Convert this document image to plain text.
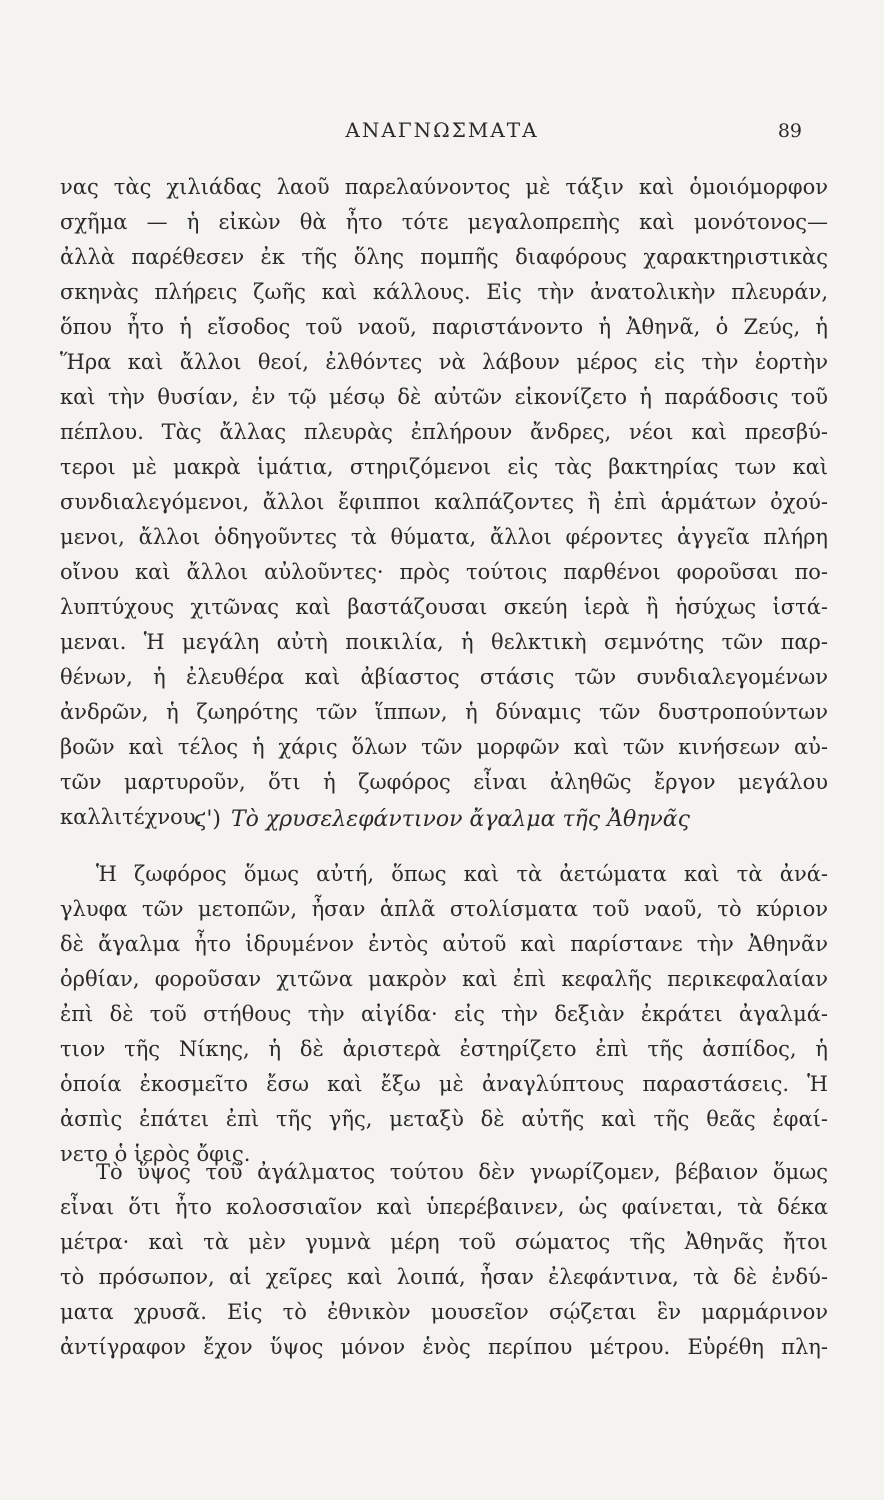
ΑΝΑΓΝΩΣΜΑΤΑ	89
νας τὰς χιλιάδας λαοῦ παρελαύνοντος μὲ τάξιν καὶ ὁμοιόμορφον
σχῆμα — ἡ εἰκὼν θὰ ἦτο τότε μεγαλοπρεπὴς καὶ μονότονος—
ἀλλὰ παρέθεσεν ἐκ τῆς ὅλης πομπῆς διαφόρους χαρακτηριστικὰς
σκηνὰς πλήρεις ζωῆς καὶ κάλλους. Εἰς τὴν ἀνατολικὴν πλευράν,
ὅπου ἦτο ἡ εἴσοδος τοῦ ναοῦ, παριστάνοντο ἡ Ἀθηνᾶ, ὁ Ζεύς, ἡ
Ἥρα καὶ ἄλλοι θεοί, ἐλθόντες νὰ λάβουν μέρος εἰς τὴν ἑορτὴν
καὶ τὴν θυσίαν, ἐν τῷ μέσῳ δὲ αὐτῶν εἰκονίζετο ἡ παράδοσις τοῦ
πέπλου. Τὰς ἄλλας πλευρὰς ἐπλήρουν ἄνδρες, νέοι καὶ πρεσβύ-
τεροι μὲ μακρὰ ἱμάτια, στηριζόμενοι εἰς τὰς βακτηρίας των καὶ
συνδιαλεγόμενοι, ἄλλοι ἔφιπποι καλπάζοντες ἢ ἐπὶ ἁρμάτων ὀχού-
μενοι, ἄλλοι ὁδηγοῦντες τὰ θύματα, ἄλλοι φέροντες ἀγγεῖα πλήρη
οἴνου καὶ ἄλλοι αὐλοῦντες· πρὸς τούτοις παρθένοι φοροῦσαι πο-
λυπτύχους χιτῶνας καὶ βαστάζουσαι σκεύη ἱερὰ ἢ ἡσύχως ἱστά-
μεναι. Ἡ μεγάλη αὐτὴ ποικιλία, ἡ θελκτικὴ σεμνότης τῶν παρ-
θένων, ἡ ἐλευθέρα καὶ ἀβίαστος στάσις τῶν συνδιαλεγομένων
ἀνδρῶν, ἡ ζωηρότης τῶν ἵππων, ἡ δύναμις τῶν δυστροπούντων
βοῶν καὶ τέλος ἡ χάρις ὅλων τῶν μορφῶν καὶ τῶν κινήσεων αὐ-
τῶν μαρτυροῦν, ὅτι ἡ ζωφόρος εἶναι ἀληθῶς ἔργον μεγάλου
καλλιτέχνου.
ϛ') Τὸ χρυσελεφάντινον ἄγαλμα τῆς Ἀθηνᾶς
Ἡ ζωφόρος ὅμως αὐτή, ὅπως καὶ τὰ ἀετώματα καὶ τὰ ἀνά-
γλυφα τῶν μετοπῶν, ἦσαν ἁπλᾶ στολίσματα τοῦ ναοῦ, τὸ κύριον
δὲ ἄγαλμα ἦτο ἱδρυμένον ἐντὸς αὐτοῦ καὶ παρίστανε τὴν Ἀθηνᾶν
ὀρθίαν, φοροῦσαν χιτῶνα μακρὸν καὶ ἐπὶ κεφαλῆς περικεφαλαίαν
ἐπὶ δὲ τοῦ στήθους τὴν αἰγίδα· εἰς τὴν δεξιὰν ἐκράτει ἀγαλμά-
τιον τῆς Νίκης, ἡ δὲ ἀριστερὰ ἐστηρίζετο ἐπὶ τῆς ἀσπίδος, ἡ
ὁποία ἐκοσμεῖτο ἔσω καὶ ἔξω μὲ ἀναγλύπτους παραστάσεις. Ἡ
ἀσπὶς ἐπάτει ἐπὶ τῆς γῆς, μεταξὺ δὲ αὐτῆς καὶ τῆς θεᾶς ἐφαί-
νετο ὁ ἱερὸς ὄφις.
Τὸ ὕψος τοῦ ἀγάλματος τούτου δὲν γνωρίζομεν, βέβαιον ὅμως
εἶναι ὅτι ἦτο κολοσσιαῖον καὶ ὑπερέβαινεν, ὡς φαίνεται, τὰ δέκα
μέτρα· καὶ τὰ μὲν γυμνὰ μέρη τοῦ σώματος τῆς Ἀθηνᾶς ἤτοι
τὸ πρόσωπον, αἱ χεῖρες καὶ λοιπά, ἦσαν ἐλεφάντινα, τὰ δὲ ἐνδύ-
ματα χρυσᾶ. Εἰς τὸ ἐθνικὸν μουσεῖον σῴζεται ἓν μαρμάρινον
ἀντίγραφον ἔχον ὕψος μόνον ἑνὸς περίπου μέτρου. Εὑρέθη πλη-
